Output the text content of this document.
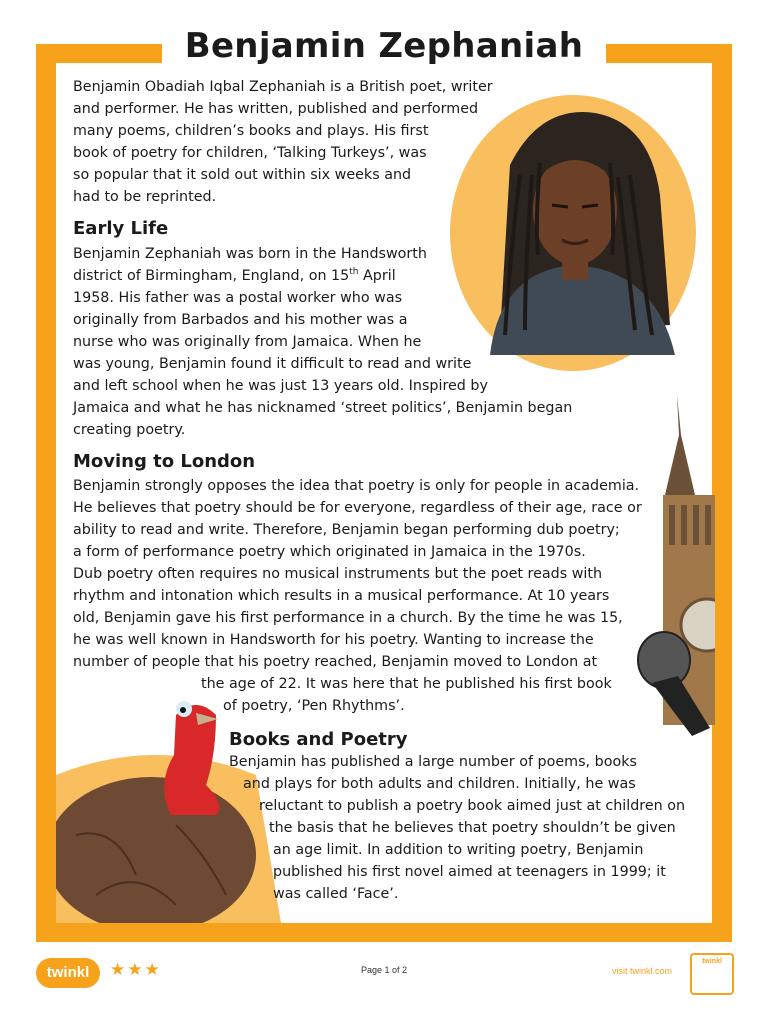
Benjamin Zephaniah
Benjamin Obadiah Iqbal Zephaniah is a British poet, writer
and performer. He has written, published and performed
many poems, children’s books and plays. His first
book of poetry for children, ‘Talking Turkeys’, was
so popular that it sold out within six weeks and
had to be reprinted.
Early Life
Benjamin Zephaniah was born in the Handsworth
district of Birmingham, England, on 15th April
1958. His father was a postal worker who was
originally from Barbados and his mother was a
nurse who was originally from Jamaica. When he
was young, Benjamin found it difficult to read and write
and left school when he was just 13 years old. Inspired by
Jamaica and what he has nicknamed ‘street politics’, Benjamin began
creating poetry.
Moving to London
Benjamin strongly opposes the idea that poetry is only for people in academia.
He believes that poetry should be for everyone, regardless of their age, race or
ability to read and write. Therefore, Benjamin began performing dub poetry;
a form of performance poetry which originated in Jamaica in the 1970s.
Dub poetry often requires no musical instruments but the poet reads with
rhythm and intonation which results in a musical performance. At 10 years
old, Benjamin gave his first performance in a church. By the time he was 15,
he was well known in Handsworth for his poetry. Wanting to increase the
number of people that his poetry reached, Benjamin moved to London at
the age of 22. It was here that he published his first book
of poetry, ‘Pen Rhythms’.
Books and Poetry
Benjamin has published a large number of poems, books
and plays for both adults and children. Initially, he was
reluctant to publish a poetry book aimed just at children on
the basis that he believes that poetry shouldn’t be given
an age limit. In addition to writing poetry, Benjamin
published his first novel aimed at teenagers in 1999; it
was called ‘Face’.
twinkl	★★★	Page 1 of 2	visit twinkl.com
twinkl
